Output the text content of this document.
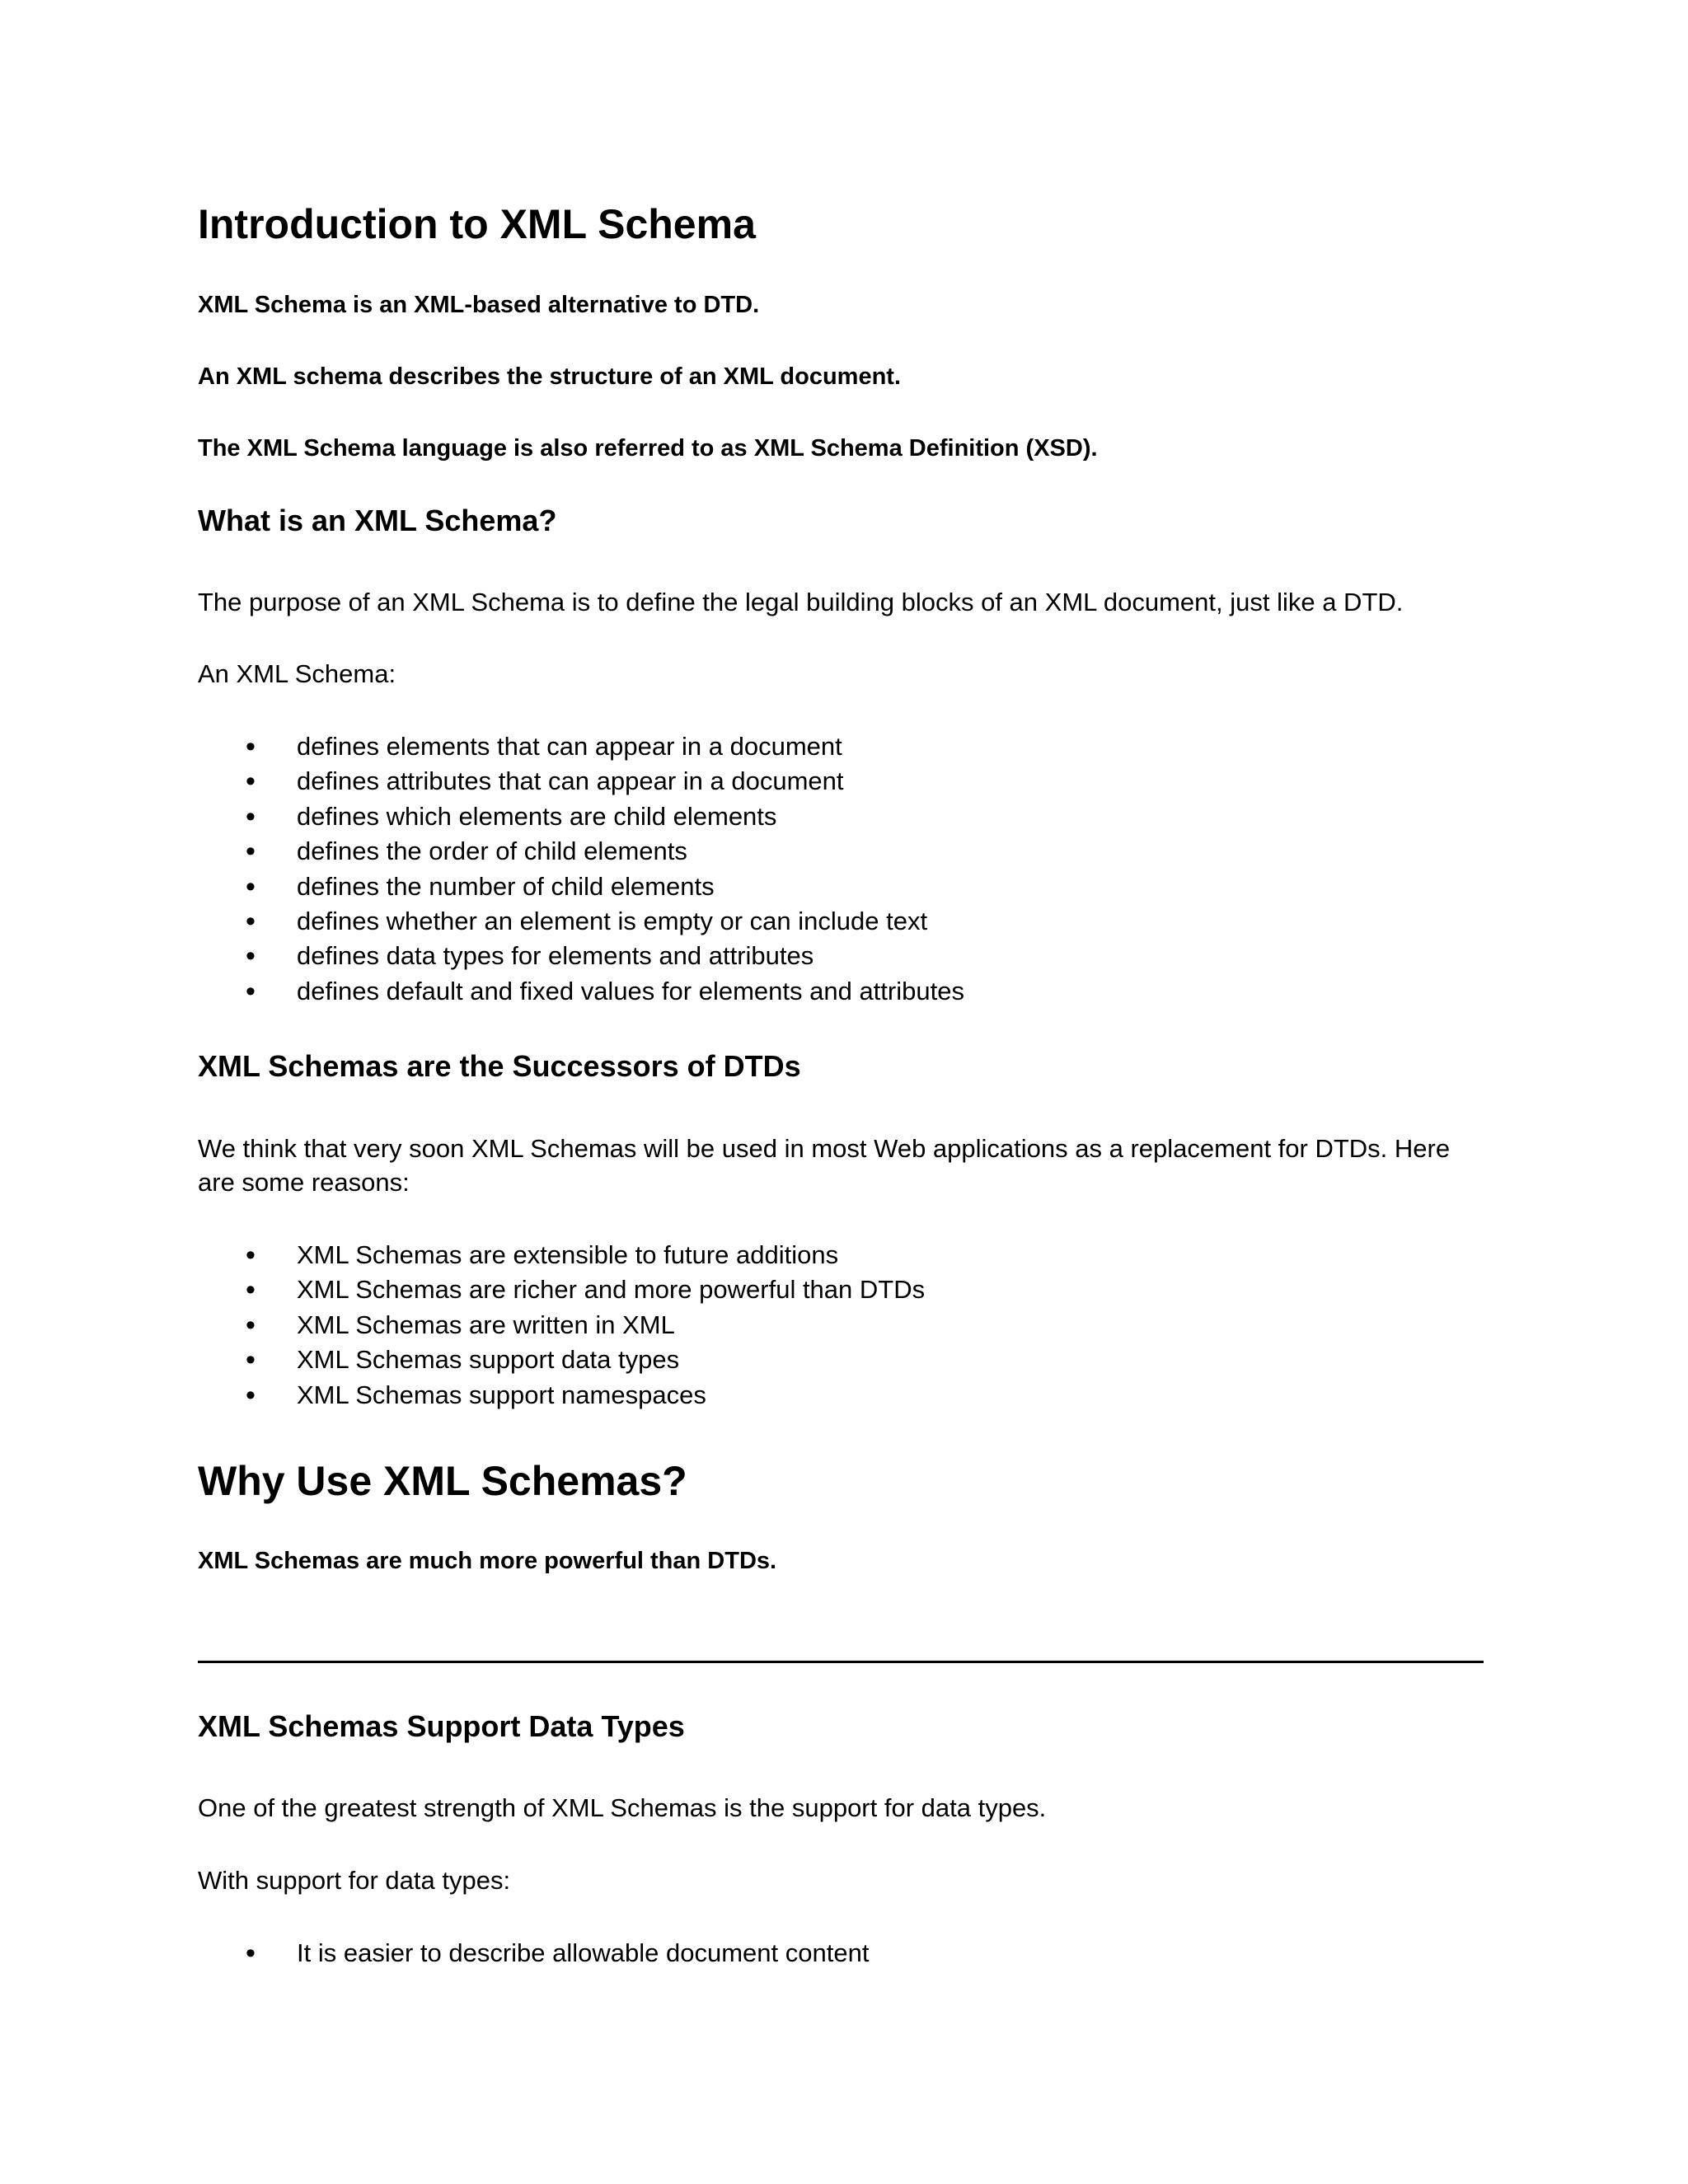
Introduction to XML Schema

XML Schema is an XML-based alternative to DTD.

An XML schema describes the structure of an XML document.

The XML Schema language is also referred to as XML Schema Definition (XSD).

What is an XML Schema?

The purpose of an XML Schema is to define the legal building blocks of an XML document, just like a DTD.

An XML Schema:

• defines elements that can appear in a document
• defines attributes that can appear in a document
• defines which elements are child elements
• defines the order of child elements
• defines the number of child elements
• defines whether an element is empty or can include text
• defines data types for elements and attributes
• defines default and fixed values for elements and attributes
XML Schemas are the Successors of DTDs

We think that very soon XML Schemas will be used in most Web applications as a replacement for DTDs. Here are some reasons:

• XML Schemas are extensible to future additions
• XML Schemas are richer and more powerful than DTDs
• XML Schemas are written in XML
• XML Schemas support data types
• XML Schemas support namespaces
Why Use XML Schemas?

XML Schemas are much more powerful than DTDs.

XML Schemas Support Data Types

One of the greatest strength of XML Schemas is the support for data types.

With support for data types:

• It is easier to describe allowable document content
